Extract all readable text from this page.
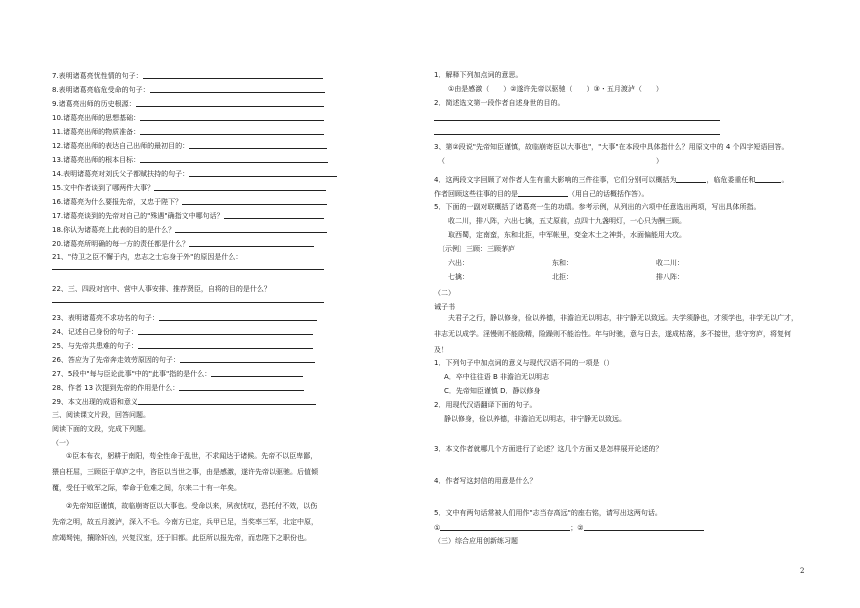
7.表明诸葛亮忧性情的句子：
8.表明诸葛亮临危受命的句子：
9.诸葛亮出师的历史根源：
10.诸葛亮出师的思想基础：
11.诸葛亮出师的物质准备：
12.诸葛亮出师的表达自己出师的最初目的：
13.诸葛亮出师的根本目标：
14.表明诸葛亮对刘氏父子都赋扶持的句子：
15.文中作者谈到了哪两件大事？
16.诸葛亮为什么要报先帝，又忠于陛下？
17.诸葛亮谈到的先帝对自己的"殊遇"确指文中哪句话？
18.你认为诸葛亮上此表的目的是什么？
20.诸葛亮所明确的每一方的责任都是什么？
21、"侍卫之臣不懈于内，忠志之士忘身于外"的原因是什么：
22、三、四段对宫中、营中人事安排、推荐贤臣，自将的目的是什么？
23、表明诸葛亮不求功名的句子：
24、记述自己身份的句子：
25、与先帝共患难的句子：
26、答应为了先帝奔走效劳原因的句子：
27、5段中"每与臣论此事"中的"此事"指的是什么：
28、作者 13 次提到先帝的作用是什么：
29、本文出现的成语和意义
三、阅读课文片段，回答问题。
阅读下面的文段，完成下列题。
（一）
①臣本布衣，躬耕于南阳，苟全性命于乱世，不求闻达于诸候。先帝不以臣卑鄙，猥自枉屈，三顾臣于草庐之中，咨臣以当世之事，由是感激，遂许先帝以驱驰。后值倾覆，受任于败军之际，奉命于危难之间，尔来二十有一年矣。
②先帝知臣谨慎，故临崩寄臣以大事也。受命以来，夙夜忧叹，恐托付不效，以伤先帝之明，故五月渡泸，深入不毛。今南方已定，兵甲已足，当奖率三军，北定中原，庶竭驽钝，攘除奸凶，兴复汉室，还于旧都。此臣所以报先帝，而忠陛下之职份也。
1．解释下列加点词的意思。
①由是感激（　　）②遂许先帝以驱驰（　　）③・五月渡泸（　　）
2．简述选文第一段作者自述身世的目的。
3、第②段说"先帝知臣谨慎，故临崩寄臣以大事也"，"大事"在本段中具体指什么？用原文中的 4 个四字短语回答。
（	）
4．这两段文字回顾了对作者人生有重大影响的三件往事，它们分别可以概括为	，临危委重任和	。
作者回顾这些往事的目的是	（用自己的话概括作答）。
5．下面的一副对联概括了诸葛亮一生的功绩。参考示例，从列出的六项中任意选出两项，写出具体所指。
收二川，排八阵，六出七擒，五丈原前，点四十九盏明灯，一心只为酬三顾。
取西蜀，定南蛮，东和北拒，中军帐里，变金木土之神卦，水面偏能用大攻。
〔示例〕三顾：三顾茅庐
六出：	东和：	收二川：
七擒：	北拒：	排八阵：
（二）
诫子书
夫君子之行，静以修身，俭以养德，非澹泊无以明志，非宁静无以致远。夫学须静也，才须学也，非学无以广才，非志无以成学。淫慢则不能励精，险躁则不能治性。年与时驰，意与日去，遂成枯落，多不接世，悲守穷庐，将复何及！
1．下列句子中加点词的意义与现代汉语不同的一项是（）
A．卒中往往语 B 非澹泊无以明志
C．先帝知臣谨慎 D．静以修身
2．用现代汉语翻译下面的句子。
静以修身，俭以养德，非澹泊无以明志，非宁静无以致远。
3．本文作者就哪几个方面进行了论述？这几个方面又是怎样展开论述的？
4．作者写这封信的用意是什么？
5．文中有两句话常被人们用作"志当存高远"的座右铭，请写出这两句话。
①	；②
（三）综合应用创新练习题
2
